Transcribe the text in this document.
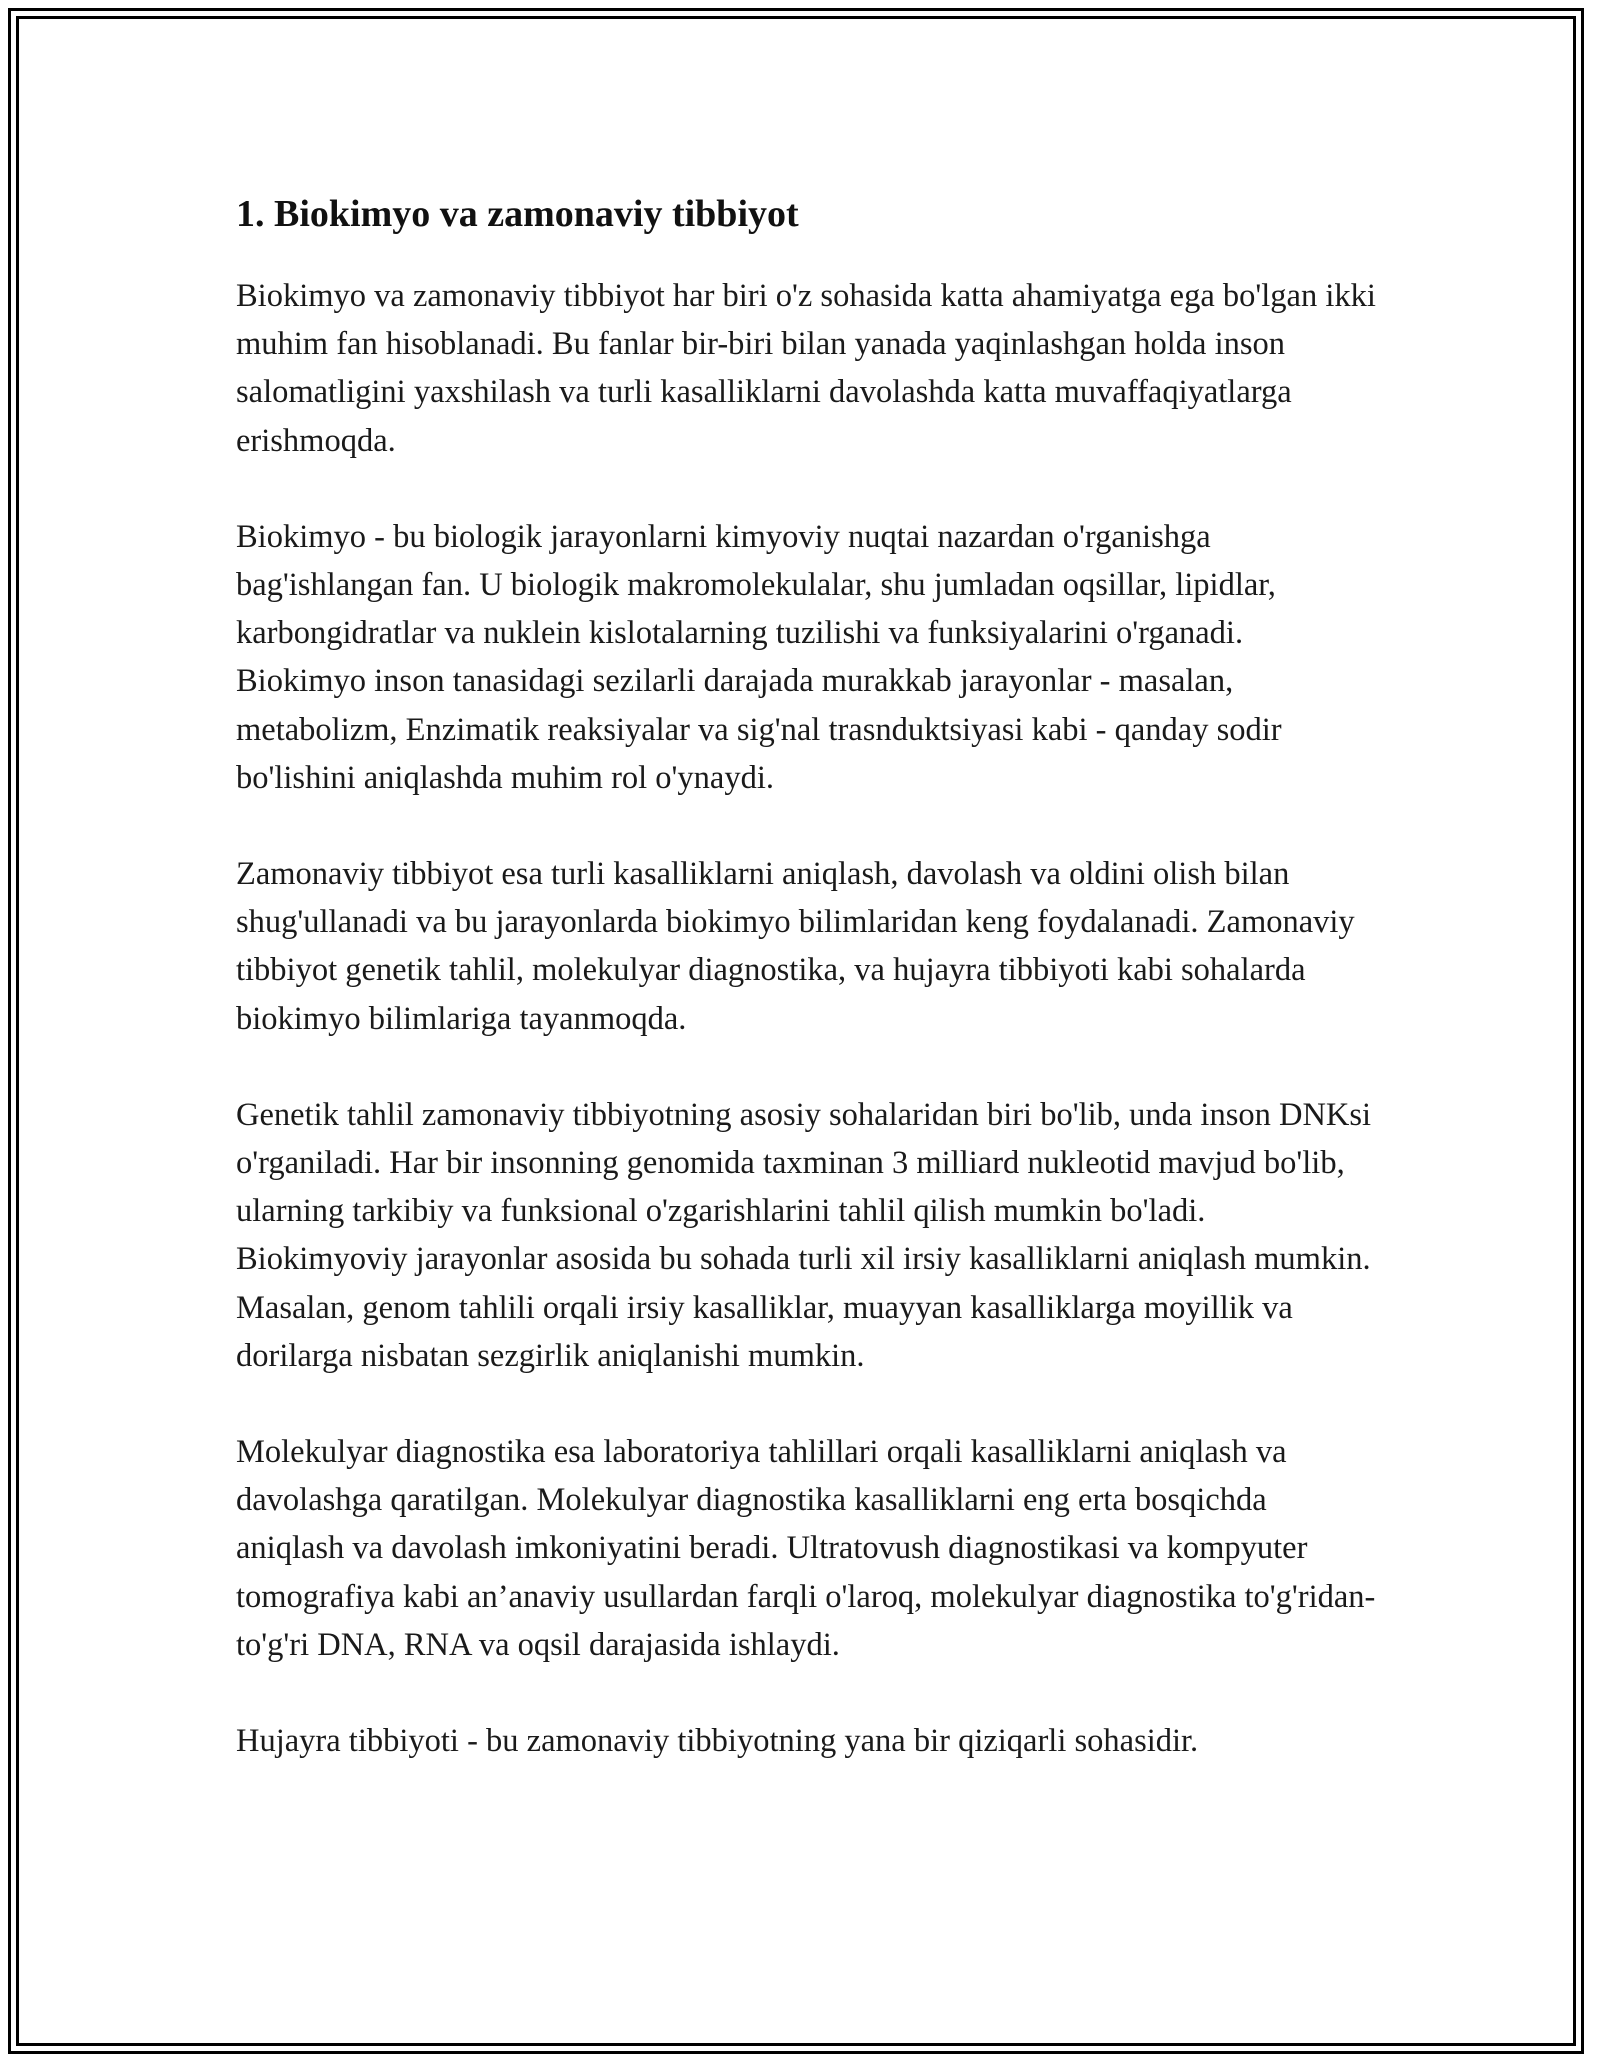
1. Biokimyo va zamonaviy tibbiyot

Biokimyo va zamonaviy tibbiyot har biri o'z sohasida katta ahamiyatga ega bo'lgan ikki muhim fan hisoblanadi. Bu fanlar bir-biri bilan yanada yaqinlashgan holda inson salomatligini yaxshilash va turli kasalliklarni davolashda katta muvaffaqiyatlarga erishmoqda.

Biokimyo - bu biologik jarayonlarni kimyoviy nuqtai nazardan o'rganishga bag'ishlangan fan. U biologik makromolekulalar, shu jumladan oqsillar, lipidlar, karbongidratlar va nuklein kislotalarning tuzilishi va funksiyalarini o'rganadi. Biokimyo inson tanasidagi sezilarli darajada murakkab jarayonlar - masalan, metabolizm, Enzimatik reaksiyalar va sig'nal trasnduktsiyasi kabi - qanday sodir bo'lishini aniqlashda muhim rol o'ynaydi.

Zamonaviy tibbiyot esa turli kasalliklarni aniqlash, davolash va oldini olish bilan shug'ullanadi va bu jarayonlarda biokimyo bilimlaridan keng foydalanadi. Zamonaviy tibbiyot genetik tahlil, molekulyar diagnostika, va hujayra tibbiyoti kabi sohalarda biokimyo bilimlariga tayanmoqda.

Genetik tahlil zamonaviy tibbiyotning asosiy sohalaridan biri bo'lib, unda inson DNKsi o'rganiladi. Har bir insonning genomida taxminan 3 milliard nukleotid mavjud bo'lib, ularning tarkibiy va funksional o'zgarishlarini tahlil qilish mumkin bo'ladi. Biokimyoviy jarayonlar asosida bu sohada turli xil irsiy kasalliklarni aniqlash mumkin. Masalan, genom tahlili orqali irsiy kasalliklar, muayyan kasalliklarga moyillik va dorilarga nisbatan sezgirlik aniqlanishi mumkin.

Molekulyar diagnostika esa laboratoriya tahlillari orqali kasalliklarni aniqlash va davolashga qaratilgan. Molekulyar diagnostika kasalliklarni eng erta bosqichda aniqlash va davolash imkoniyatini beradi. Ultratovush diagnostikasi va kompyuter tomografiya kabi an’anaviy usullardan farqli o'laroq, molekulyar diagnostika to'g'ridan-to'g'ri DNA, RNA va oqsil darajasida ishlaydi.

Hujayra tibbiyoti - bu zamonaviy tibbiyotning yana bir qiziqarli sohasidir.
